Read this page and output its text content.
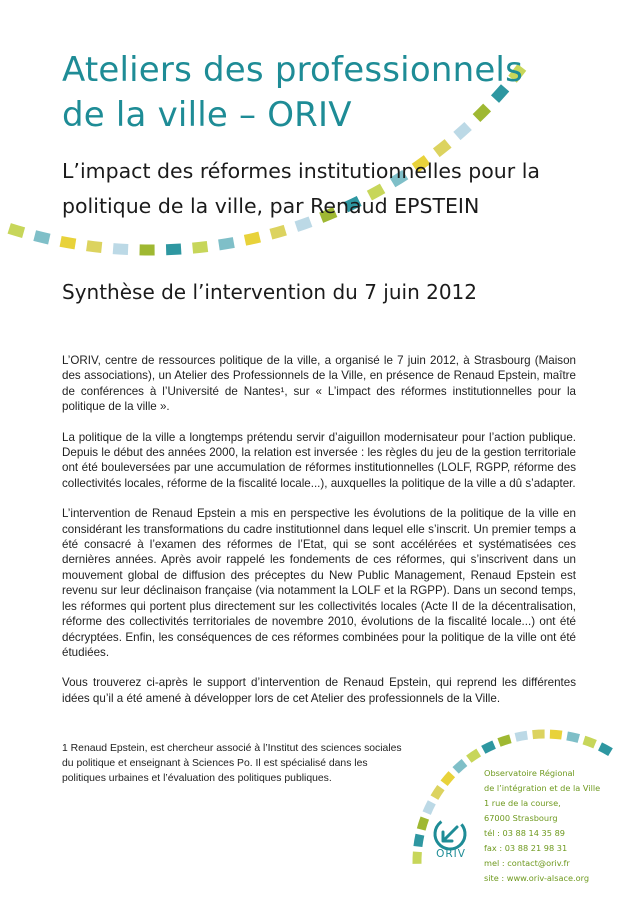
Ateliers des professionnels
de la ville – ORIV
L’impact des réformes institutionnelles pour la
politique de la ville, par Renaud EPSTEIN
Synthèse de l’intervention du 7 juin 2012

L’ORIV, centre de ressources politique de la ville, a organisé le 7 juin 2012, à Strasbourg (Maison des associations), un Atelier des Professionnels de la Ville, en présence de Renaud Epstein, maître de conférences à l’Université de Nantes¹, sur « L’impact des réformes institutionnelles pour la politique de la ville ».

La politique de la ville a longtemps prétendu servir d’aiguillon modernisateur pour l’action publique. Depuis le début des années 2000, la relation est inversée : les règles du jeu de la gestion territoriale ont été bouleversées par une accumulation de réformes institutionnelles (LOLF, RGPP, réforme des collectivités locales, réforme de la fiscalité locale...), auxquelles la politique de la ville a dû s’adapter.

L’intervention de Renaud Epstein a mis en perspective les évolutions de la politique de la ville en considérant les transformations du cadre institutionnel dans lequel elle s’inscrit. Un premier temps a été consacré à l’examen des réformes de l’Etat, qui se sont accélérées et systématisées ces dernières années. Après avoir rappelé les fondements de ces réformes, qui s’inscrivent dans un mouvement global de diffusion des préceptes du New Public Management, Renaud Epstein est revenu sur leur déclinaison française (via notamment la LOLF et la RGPP). Dans un second temps, les réformes qui portent plus directement sur les collectivités locales (Acte II de la décentralisation, réforme des collectivités territoriales de novembre 2010, évolutions de la fiscalité locale...) ont été décryptées. Enfin, les conséquences de ces réformes combinées pour la politique de la ville ont été étudiées.

Vous trouverez ci-après le support d’intervention de Renaud Epstein, qui reprend les différentes idées qu’il a été amené à développer lors de cet Atelier des professionnels de la Ville.

1 Renaud Epstein, est chercheur associé à l’Institut des sciences sociales
du politique et enseignant à Sciences Po. Il est spécialisé dans les
politiques urbaines et l’évaluation des politiques publiques.
ORIV
Observatoire Régional
de l’intégration et de la Ville
1 rue de la course,
67000 Strasbourg
tél : 03 88 14 35 89
fax : 03 88 21 98 31
mel : contact@oriv.fr
site : www.oriv-alsace.org
